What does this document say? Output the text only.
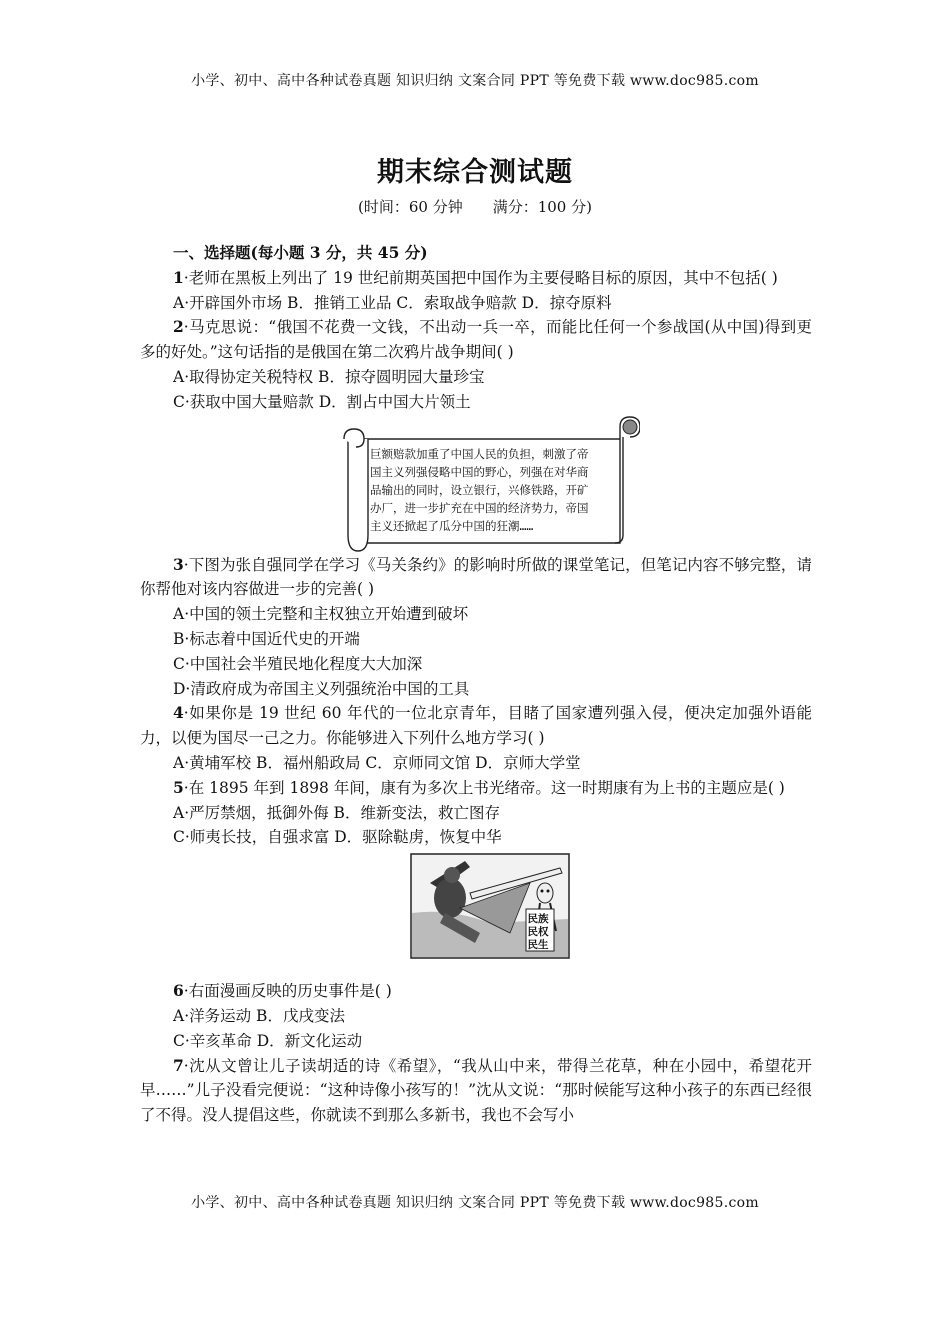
小学、初中、高中各种试卷真题 知识归纳 文案合同 PPT 等免费下载 www.doc985.com
期末综合测试题
(时间：60 分钟 满分：100 分)
一、选择题(每小题 3 分，共 45 分)
1·老师在黑板上列出了 19 世纪前期英国把中国作为主要侵略目标的原因，其中不包括( )
A·开辟国外市场 B．推销工业品 C．索取战争赔款 D．掠夺原料
2·马克思说：“俄国不花费一文钱，不出动一兵一卒，而能比任何一个参战国(从中国)得到更多的好处。”这句话指的是俄国在第二次鸦片战争期间( )
A·取得协定关税特权 B．掠夺圆明园大量珍宝
C·获取中国大量赔款 D．割占中国大片领土
巨额赔款加重了中国人民的负担，刺激了帝
国主义列强侵略中国的野心，列强在对华商
品输出的同时，设立银行，兴修铁路，开矿
办厂，进一步扩充在中国的经济势力，帝国
主义还掀起了瓜分中国的狂潮……
3·下图为张自强同学在学习《马关条约》的影响时所做的课堂笔记，但笔记内容不够完整，请你帮他对该内容做进一步的完善( )
A·中国的领土完整和主权独立开始遭到破坏
B·标志着中国近代史的开端
C·中国社会半殖民地化程度大大加深
D·清政府成为帝国主义列强统治中国的工具
4·如果你是 19 世纪 60 年代的一位北京青年，目睹了国家遭列强入侵，便决定加强外语能力，以便为国尽一己之力。你能够进入下列什么地方学习( )
A·黄埔军校 B．福州船政局 C．京师同文馆 D．京师大学堂
5·在 1895 年到 1898 年间，康有为多次上书光绪帝。这一时期康有为上书的主题应是( )
A·严厉禁烟，抵御外侮 B．维新变法，救亡图存
C·师夷长技，自强求富 D．驱除鞑虏，恢复中华
民族
民权
民生
6·右面漫画反映的历史事件是( )
A·洋务运动 B．戊戌变法
C·辛亥革命 D．新文化运动
7·沈从文曾让儿子读胡适的诗《希望》，“我从山中来，带得兰花草，种在小园中，希望花开早……”儿子没看完便说：“这种诗像小孩写的！”沈从文说：“那时候能写这种小孩子的东西已经很了不得。没人提倡这些，你就读不到那么多新书，我也不会写小
小学、初中、高中各种试卷真题 知识归纳 文案合同 PPT 等免费下载 www.doc985.com
